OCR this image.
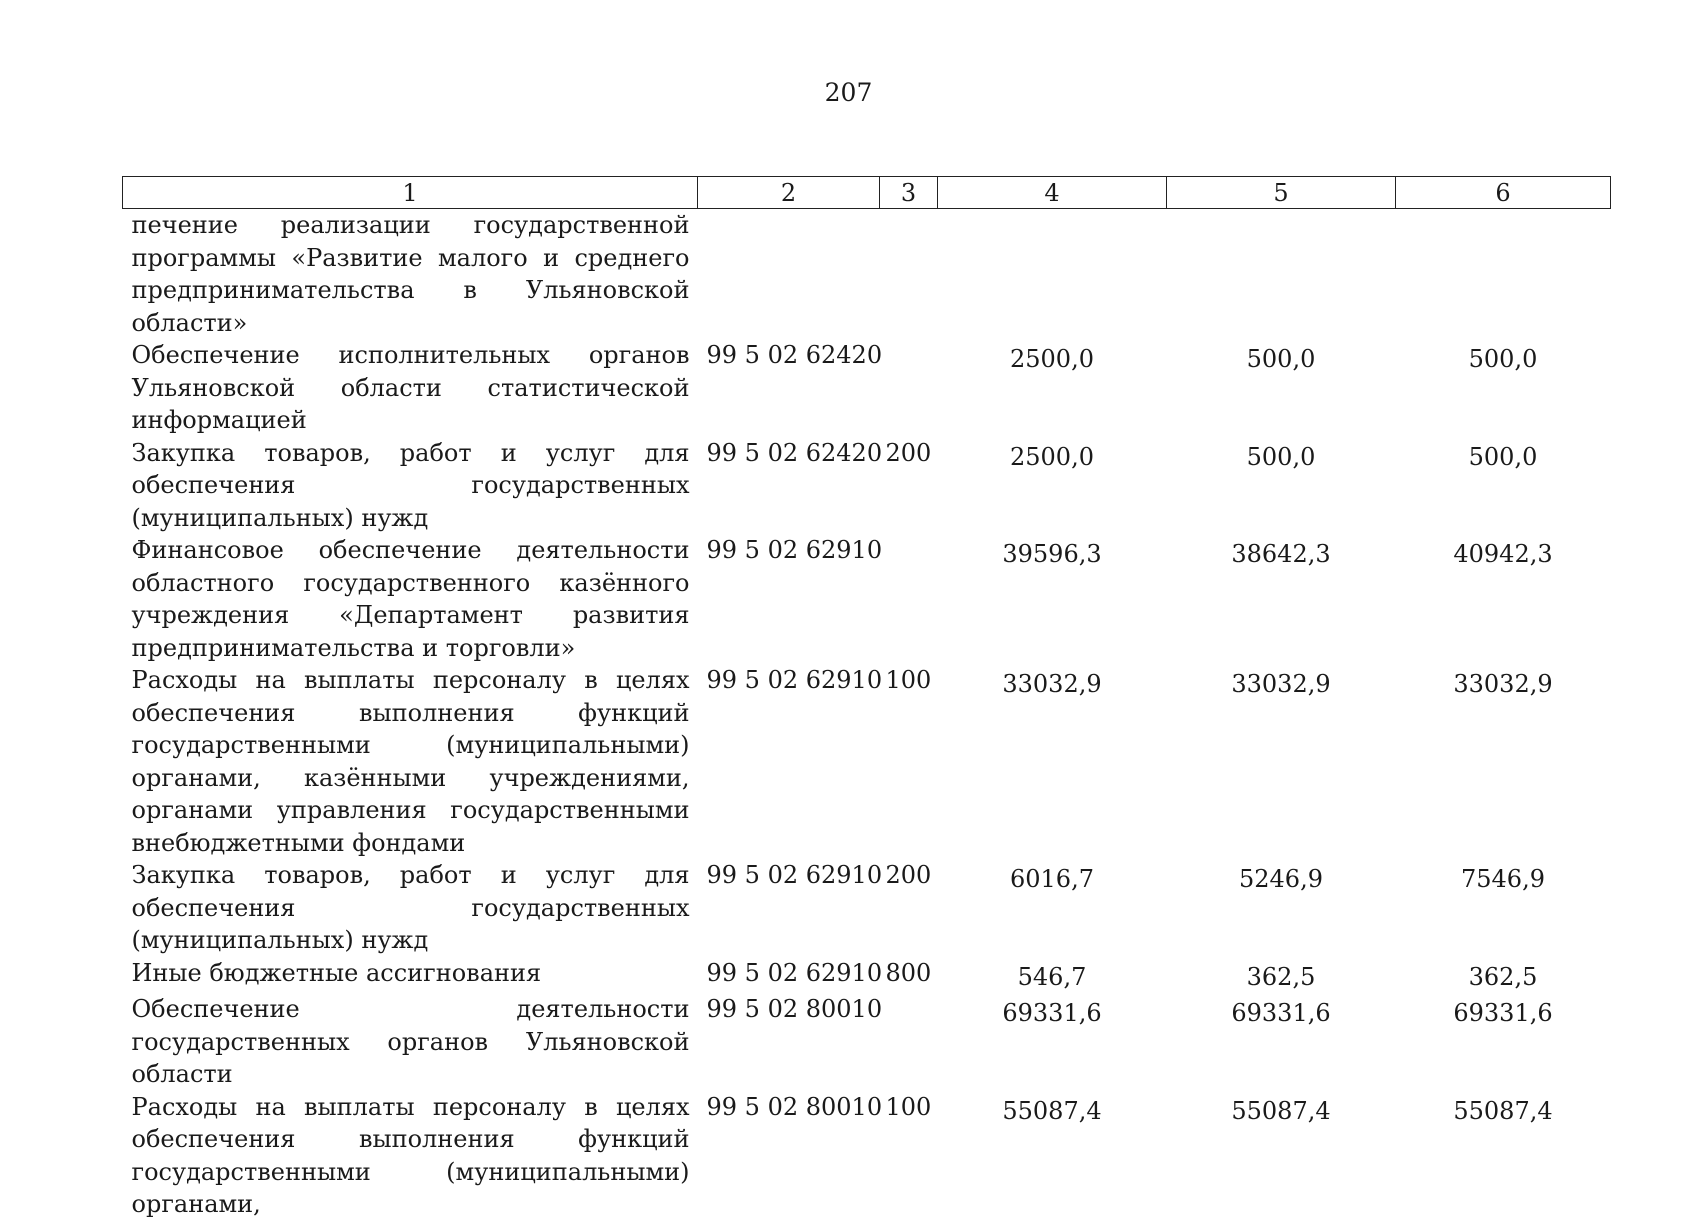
207
1	2	3	4	5	6
печение реализации государственной программы «Развитие малого и среднего предпринимательства в Ульяновской области»					
Обеспечение исполнительных органов Ульяновской области статистической информацией	99 5 02 62420		2500,0	500,0	500,0
Закупка товаров, работ и услуг для обеспечения государственных (муниципальных) нужд	99 5 02 62420	200	2500,0	500,0	500,0
Финансовое обеспечение деятельности областного государственного казённого учреждения «Департамент развития предпринимательства и торговли»	99 5 02 62910		39596,3	38642,3	40942,3
Расходы на выплаты персоналу в целях обеспечения выполнения функций государственными (муниципальными) органами, казёнными учреждениями, органами управления государственными внебюджетными фондами	99 5 02 62910	100	33032,9	33032,9	33032,9
Закупка товаров, работ и услуг для обеспечения государственных (муниципальных) нужд	99 5 02 62910	200	6016,7	5246,9	7546,9
Иные бюджетные ассигнования	99 5 02 62910	800	546,7	362,5	362,5
Обеспечение деятельности государственных органов Ульяновской области	99 5 02 80010		69331,6	69331,6	69331,6
Расходы на выплаты персоналу в целях обеспечения выполнения функций государственными (муниципальными) органами,	99 5 02 80010	100	55087,4	55087,4	55087,4
